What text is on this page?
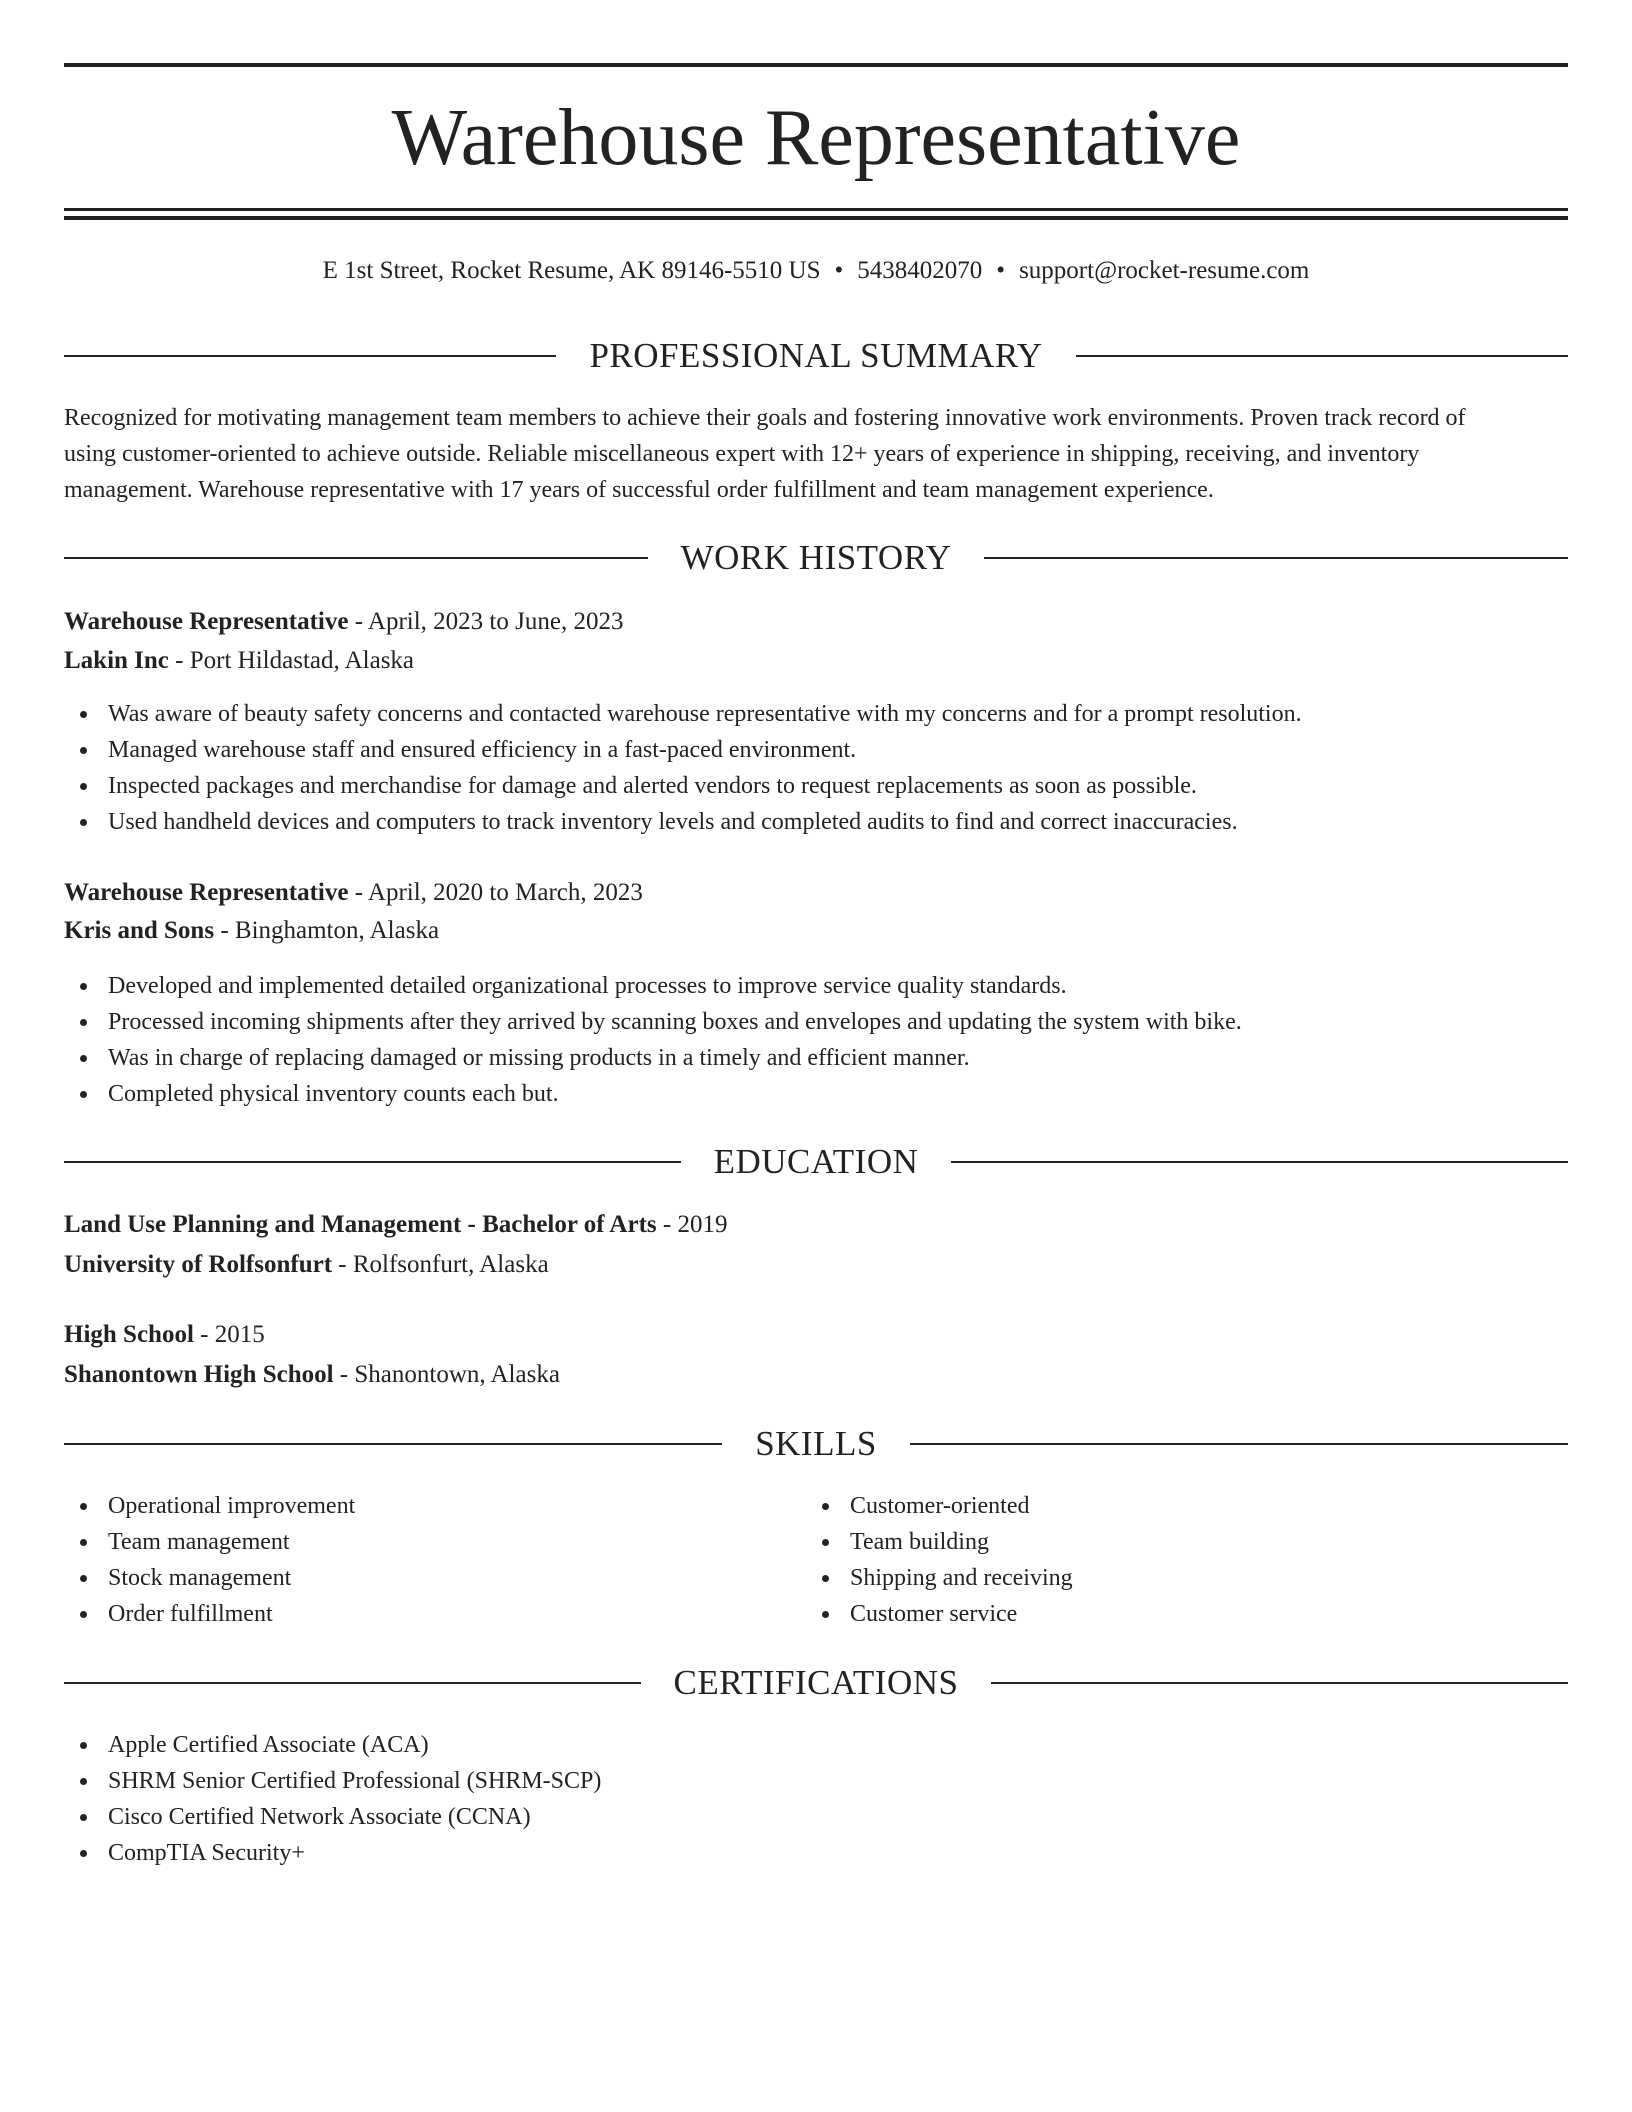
Warehouse Representative
E 1st Street, Rocket Resume, AK 89146-5510 US • 5438402070 • support@rocket-resume.com
PROFESSIONAL SUMMARY

Recognized for motivating management team members to achieve their goals and fostering innovative work environments. Proven track record of
using customer-oriented to achieve outside. Reliable miscellaneous expert with 12+ years of experience in shipping, receiving, and inventory
management. Warehouse representative with 17 years of successful order fulfillment and team management experience.

WORK HISTORY
Warehouse Representative - April, 2023 to June, 2023
Lakin Inc - Port Hildastad, Alaska
Was aware of beauty safety concerns and contacted warehouse representative with my concerns and for a prompt resolution.
Managed warehouse staff and ensured efficiency in a fast-paced environment.
Inspected packages and merchandise for damage and alerted vendors to request replacements as soon as possible.
Used handheld devices and computers to track inventory levels and completed audits to find and correct inaccuracies.
Warehouse Representative - April, 2020 to March, 2023
Kris and Sons - Binghamton, Alaska
Developed and implemented detailed organizational processes to improve service quality standards.
Processed incoming shipments after they arrived by scanning boxes and envelopes and updating the system with bike.
Was in charge of replacing damaged or missing products in a timely and efficient manner.
Completed physical inventory counts each but.
EDUCATION
Land Use Planning and Management - Bachelor of Arts - 2019
University of Rolfsonfurt - Rolfsonfurt, Alaska
High School - 2015
Shanontown High School - Shanontown, Alaska
SKILLS
Operational improvement
Team management
Stock management
Order fulfillment
Customer-oriented
Team building
Shipping and receiving
Customer service
CERTIFICATIONS
Apple Certified Associate (ACA)
SHRM Senior Certified Professional (SHRM-SCP)
Cisco Certified Network Associate (CCNA)
CompTIA Security+
